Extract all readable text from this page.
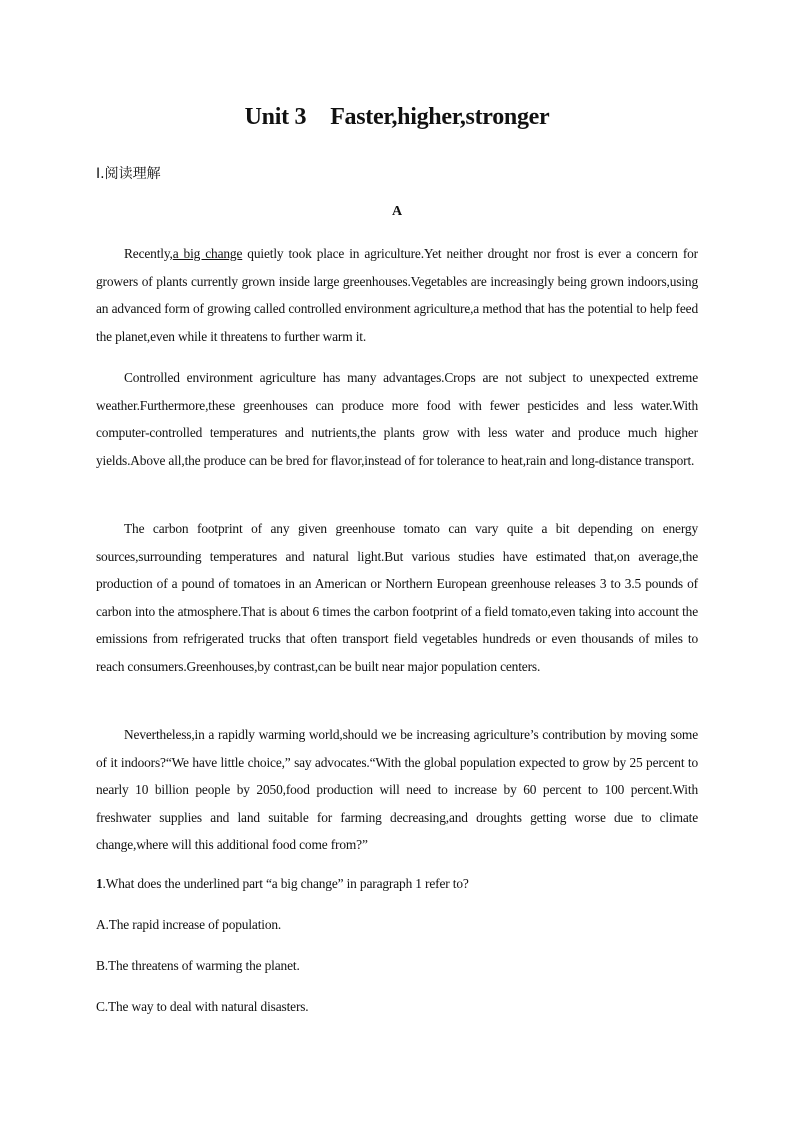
Unit 3 Faster,higher,stronger

Ⅰ.阅读理解

A

Recently,a big change quietly took place in agriculture.Yet neither drought nor frost is ever a concern for growers of plants currently grown inside large greenhouses.Vegetables are increasingly being grown indoors,using an advanced form of growing called controlled environment agriculture,a method that has the potential to help feed the planet,even while it threatens to further warm it.

Controlled environment agriculture has many advantages.Crops are not subject to unexpected extreme weather.Furthermore,these greenhouses can produce more food with fewer pesticides and less water.With computer-controlled temperatures and nutrients,the plants grow with less water and produce much higher yields.Above all,the produce can be bred for flavor,instead of for tolerance to heat,rain and long-distance transport.

The carbon footprint of any given greenhouse tomato can vary quite a bit depending on energy sources,surrounding temperatures and natural light.But various studies have estimated that,on average,the production of a pound of tomatoes in an American or Northern European greenhouse releases 3 to 3.5 pounds of carbon into the atmosphere.That is about 6 times the carbon footprint of a field tomato,even taking into account the emissions from refrigerated trucks that often transport field vegetables hundreds or even thousands of miles to reach consumers.Greenhouses,by contrast,can be built near major population centers.

Nevertheless,in a rapidly warming world,should we be increasing agriculture’s contribution by moving some of it indoors?“We have little choice,” say advocates.“With the global population expected to grow by 25 percent to nearly 10 billion people by 2050,food production will need to increase by 60 percent to 100 percent.With freshwater supplies and land suitable for farming decreasing,and droughts getting worse due to climate change,where will this additional food come from?”

1.What does the underlined part “a big change” in paragraph 1 refer to?

A.The rapid increase of population.

B.The threatens of warming the planet.

C.The way to deal with natural disasters.
